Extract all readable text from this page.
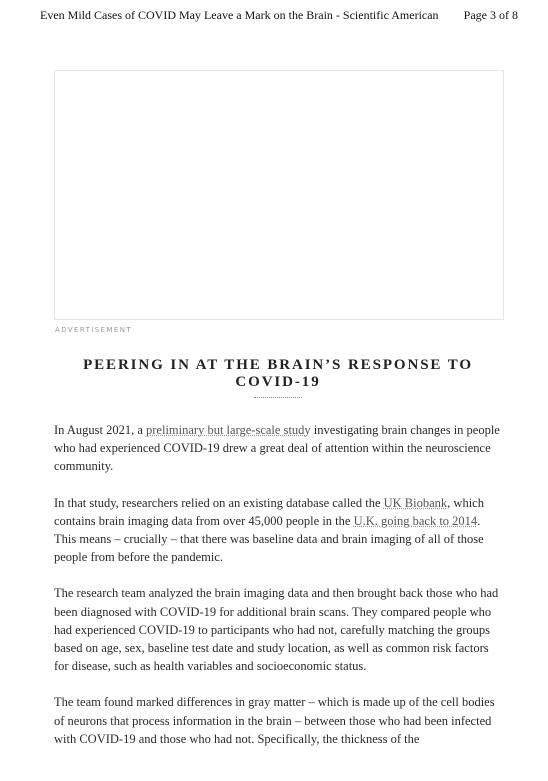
Even Mild Cases of COVID May Leave a Mark on the Brain - Scientific American Page 3 of 8
ADVERTISEMENT
PEERING IN AT THE BRAIN’S RESPONSE TO
COVID-19

In August 2021, a preliminary but large-scale study investigating brain changes in people who had experienced COVID-19 drew a great deal of attention within the neuroscience community.

In that study, researchers relied on an existing database called the UK Biobank, which contains brain imaging data from over 45,000 people in the U.K. going back to 2014. This means – crucially – that there was baseline data and brain imaging of all of those people from before the pandemic.

The research team analyzed the brain imaging data and then brought back those who had been diagnosed with COVID-19 for additional brain scans. They compared people who had experienced COVID-19 to participants who had not, carefully matching the groups based on age, sex, baseline test date and study location, as well as common risk factors for disease, such as health variables and socioeconomic status.

The team found marked differences in gray matter – which is made up of the cell bodies of neurons that process information in the brain – between those who had been infected with COVID-19 and those who had not. Specifically, the thickness of the
